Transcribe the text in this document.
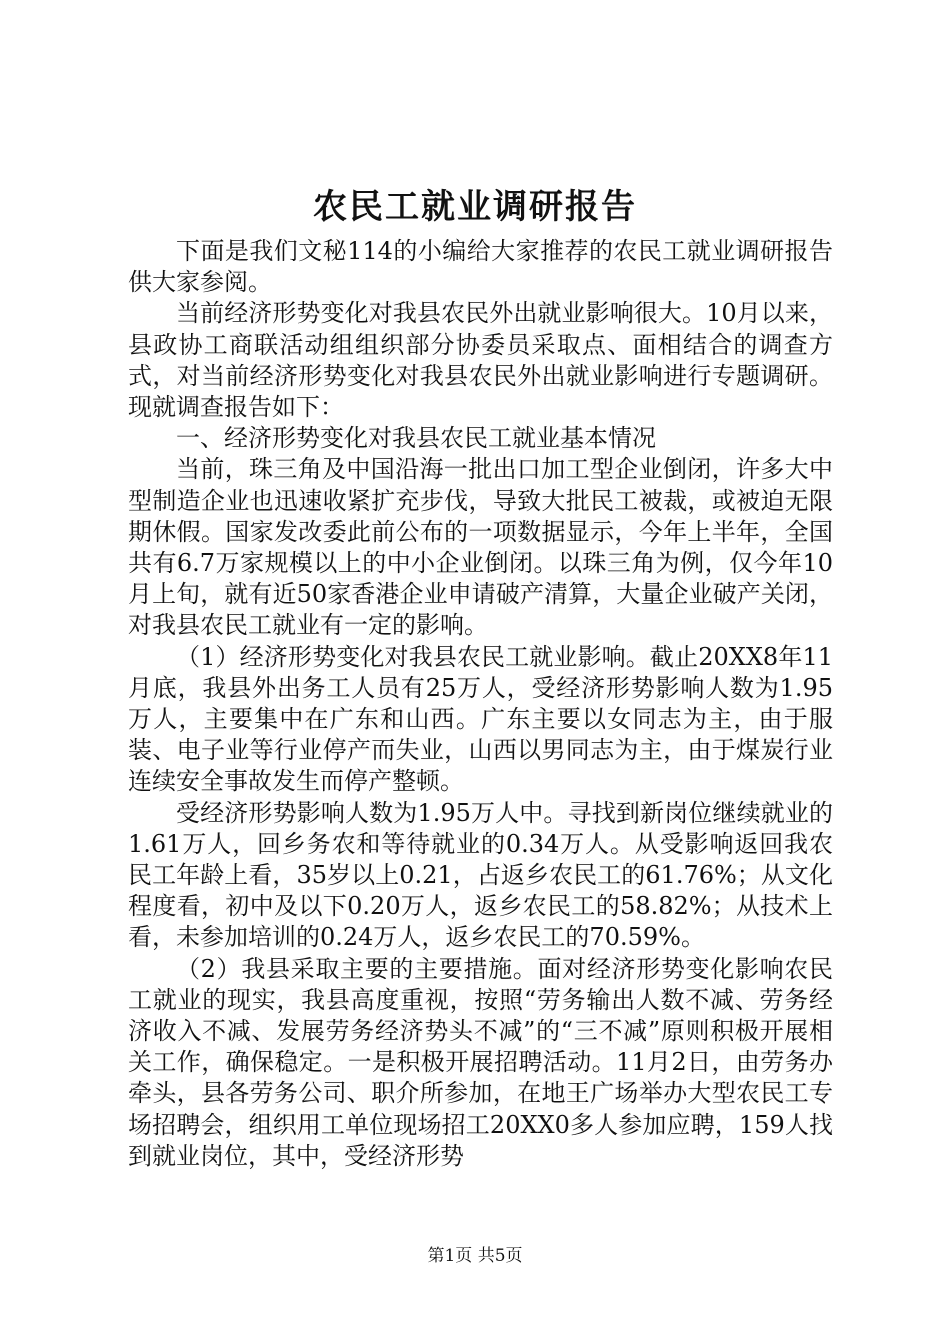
农民工就业调研报告

下面是我们文秘114的小编给大家推荐的农民工就业调研报告供大家参阅。

当前经济形势变化对我县农民外出就业影响很大。10月以来，县政协工商联活动组组织部分协委员采取点、面相结合的调查方式，对当前经济形势变化对我县农民外出就业影响进行专题调研。现就调查报告如下：

一、经济形势变化对我县农民工就业基本情况

当前，珠三角及中国沿海一批出口加工型企业倒闭，许多大中型制造企业也迅速收紧扩充步伐，导致大批民工被裁，或被迫无限期休假。国家发改委此前公布的一项数据显示，今年上半年，全国共有6.7万家规模以上的中小企业倒闭。以珠三角为例，仅今年10月上旬，就有近50家香港企业申请破产清算，大量企业破产关闭，对我县农民工就业有一定的影响。

（1）经济形势变化对我县农民工就业影响。截止20XX8年11月底，我县外出务工人员有25万人，受经济形势影响人数为1.95万人，主要集中在广东和山西。广东主要以女同志为主，由于服装、电子业等行业停产而失业，山西以男同志为主，由于煤炭行业连续安全事故发生而停产整顿。

受经济形势影响人数为1.95万人中。寻找到新岗位继续就业的1.61万人，回乡务农和等待就业的0.34万人。从受影响返回我农民工年龄上看，35岁以上0.21，占返乡农民工的61.76%；从文化程度看，初中及以下0.20万人，返乡农民工的58.82%；从技术上看，未参加培训的0.24万人，返乡农民工的70.59%。

（2）我县采取主要的主要措施。面对经济形势变化影响农民工就业的现实，我县高度重视，按照“劳务输出人数不减、劳务经济收入不减、发展劳务经济势头不减”的“三不减”原则积极开展相关工作，确保稳定。一是积极开展招聘活动。11月2日，由劳务办牵头，县各劳务公司、职介所参加，在地王广场举办大型农民工专场招聘会，组织用工单位现场招工20XX0多人参加应聘，159人找到就业岗位，其中，受经济形势

第1页 共5页
